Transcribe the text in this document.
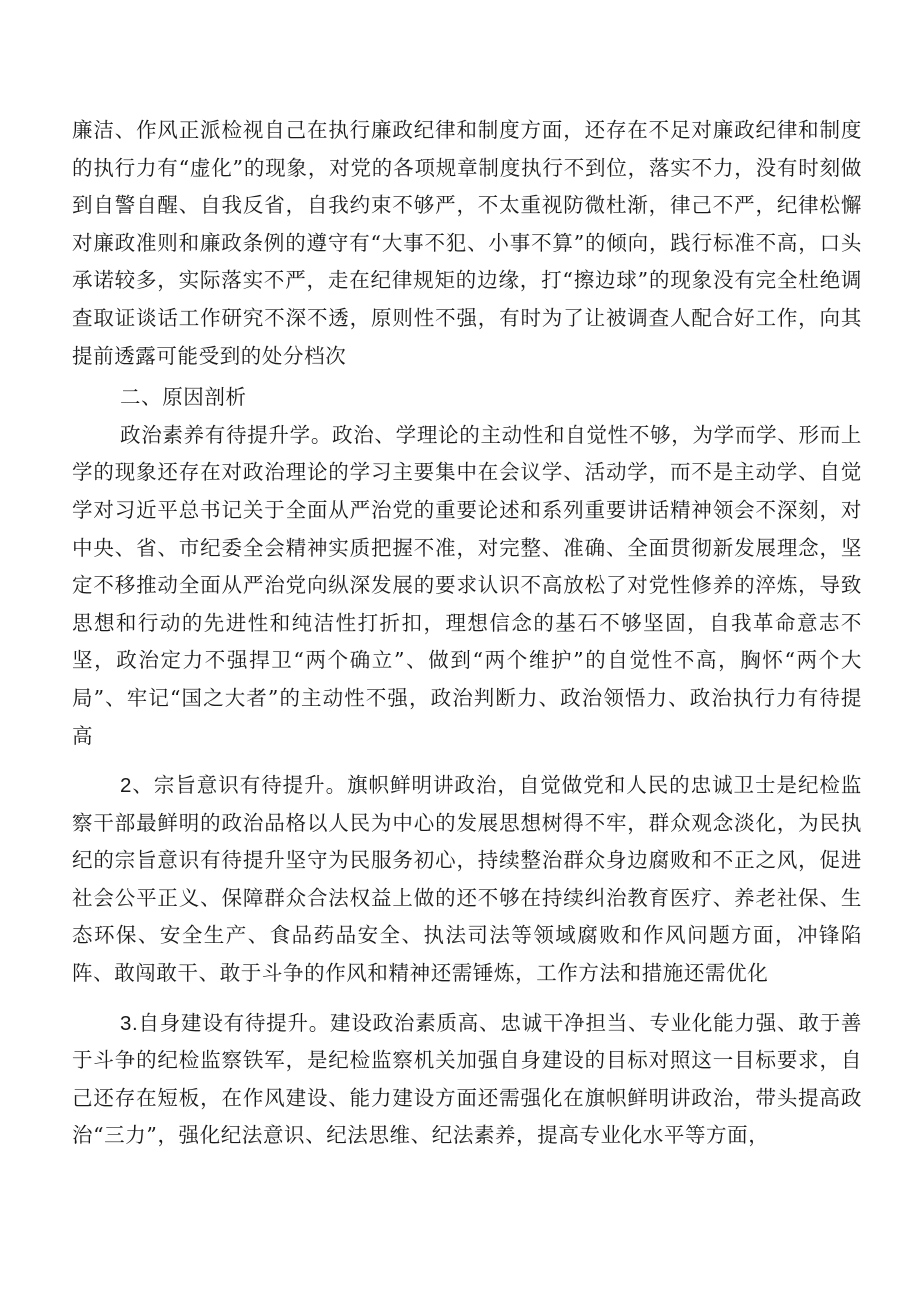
廉洁、作风正派检视自己在执行廉政纪律和制度方面，还存在不足对廉政纪律和制度的执行力有“虚化”的现象，对党的各项规章制度执行不到位，落实不力，没有时刻做到自警自醒、自我反省，自我约束不够严，不太重视防微杜渐，律己不严，纪律松懈对廉政准则和廉政条例的遵守有“大事不犯、小事不算”的倾向，践行标准不高，口头承诺较多，实际落实不严，走在纪律规矩的边缘，打“擦边球”的现象没有完全杜绝调查取证谈话工作研究不深不透，原则性不强，有时为了让被调查人配合好工作，向其提前透露可能受到的处分档次

二、原因剖析

政治素养有待提升学。政治、学理论的主动性和自觉性不够，为学而学、形而上学的现象还存在对政治理论的学习主要集中在会议学、活动学，而不是主动学、自觉学对习近平总书记关于全面从严治党的重要论述和系列重要讲话精神领会不深刻，对中央、省、市纪委全会精神实质把握不准，对完整、准确、全面贯彻新发展理念，坚定不移推动全面从严治党向纵深发展的要求认识不高放松了对党性修养的淬炼，导致思想和行动的先进性和纯洁性打折扣，理想信念的基石不够坚固，自我革命意志不坚，政治定力不强捍卫“两个确立”、做到“两个维护”的自觉性不高，胸怀“两个大局”、牢记“国之大者”的主动性不强，政治判断力、政治领悟力、政治执行力有待提高

2、宗旨意识有待提升。旗帜鲜明讲政治，自觉做党和人民的忠诚卫士是纪检监察干部最鲜明的政治品格以人民为中心的发展思想树得不牢，群众观念淡化，为民执纪的宗旨意识有待提升坚守为民服务初心，持续整治群众身边腐败和不正之风，促进社会公平正义、保障群众合法权益上做的还不够在持续纠治教育医疗、养老社保、生态环保、安全生产、食品药品安全、执法司法等领域腐败和作风问题方面，冲锋陷阵、敢闯敢干、敢于斗争的作风和精神还需锤炼，工作方法和措施还需优化

3.自身建设有待提升。建设政治素质高、忠诚干净担当、专业化能力强、敢于善于斗争的纪检监察铁军，是纪检监察机关加强自身建设的目标对照这一目标要求，自己还存在短板，在作风建设、能力建设方面还需强化在旗帜鲜明讲政治，带头提高政治“三力”，强化纪法意识、纪法思维、纪法素养，提高专业化水平等方面，
